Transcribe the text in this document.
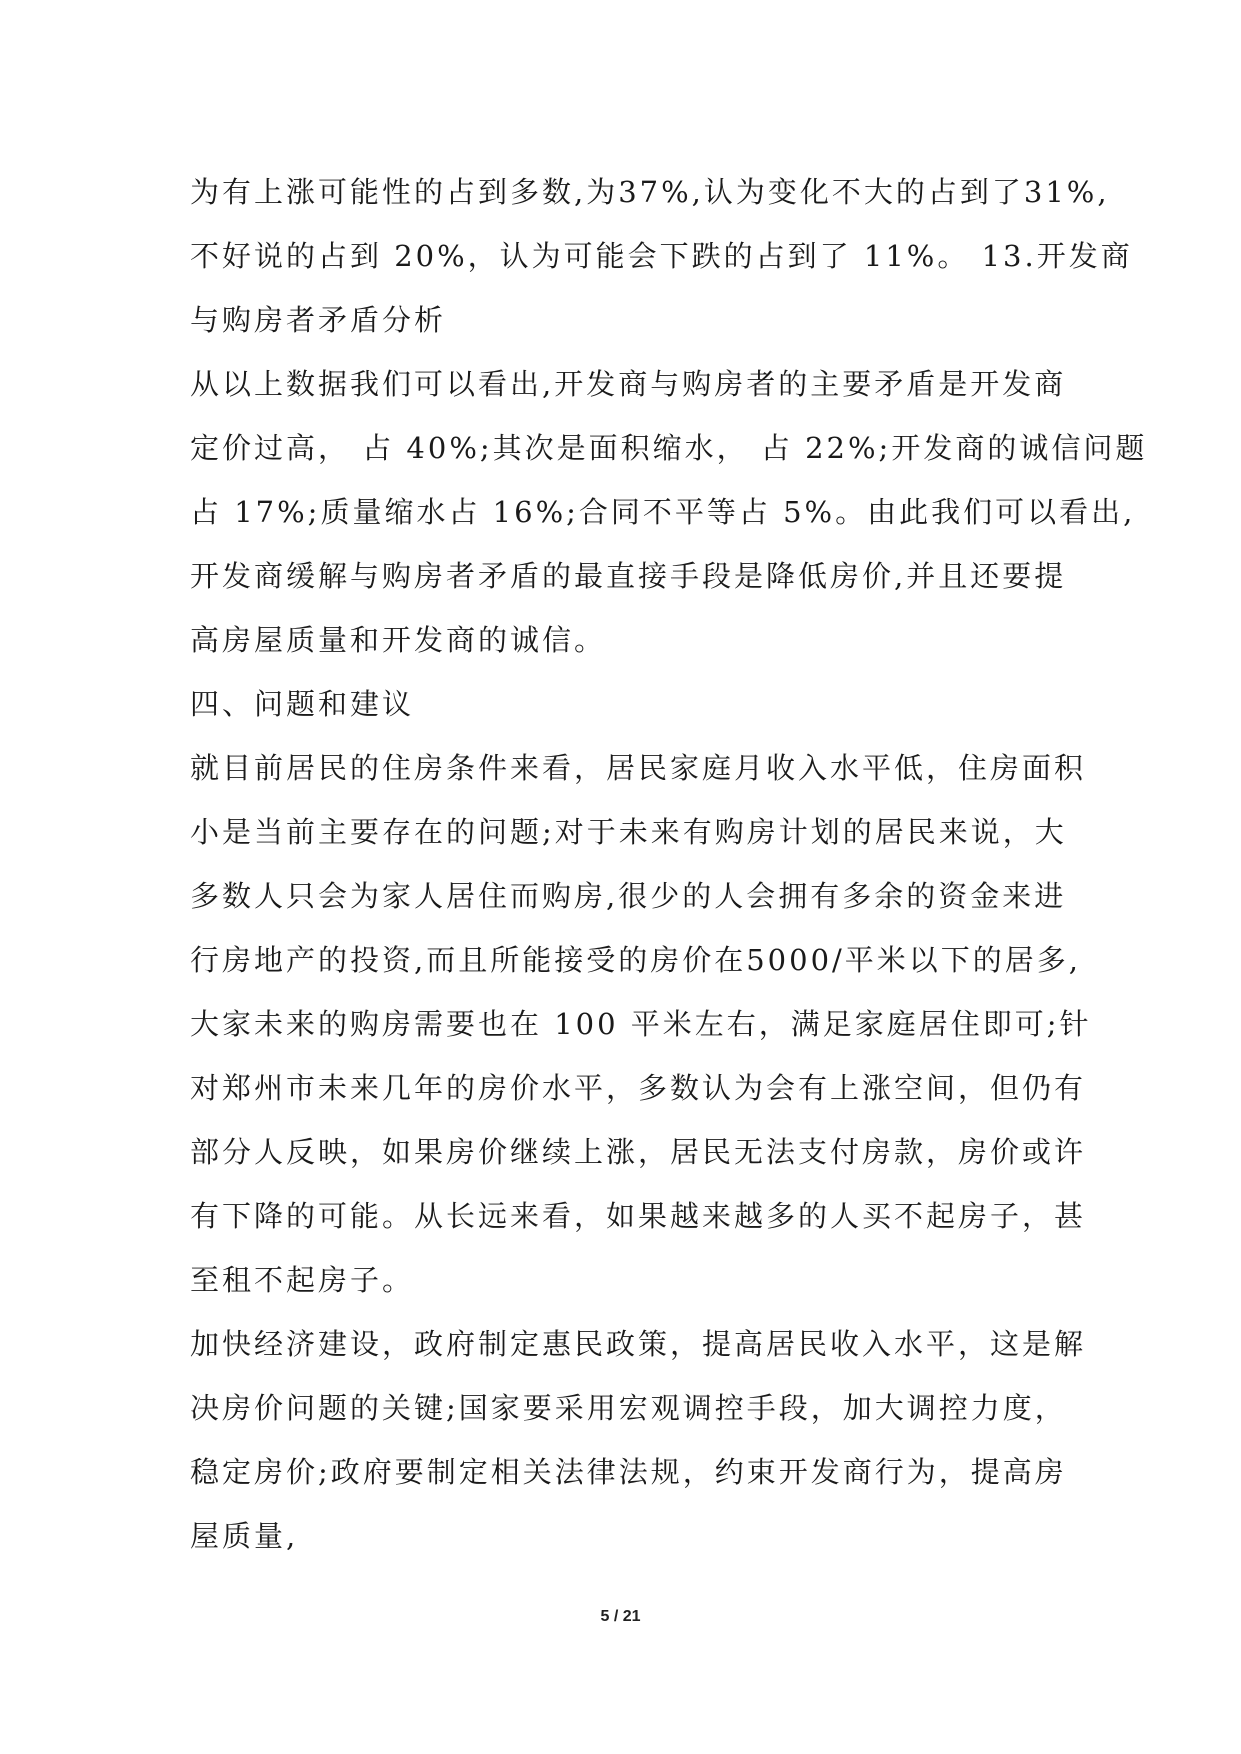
为有上涨可能性的占到多数,为37%,认为变化不大的占到了31%,
不好说的占到 20%，认为可能会下跌的占到了 11%。 13.开发商
与购房者矛盾分析
从以上数据我们可以看出,开发商与购房者的主要矛盾是开发商
定价过高， 占 40%;其次是面积缩水， 占 22%;开发商的诚信问题
占 17%;质量缩水占 16%;合同不平等占 5%。由此我们可以看出,
开发商缓解与购房者矛盾的最直接手段是降低房价,并且还要提
高房屋质量和开发商的诚信。
四、问题和建议
就目前居民的住房条件来看，居民家庭月收入水平低，住房面积
小是当前主要存在的问题;对于未来有购房计划的居民来说，大
多数人只会为家人居住而购房,很少的人会拥有多余的资金来进
行房地产的投资,而且所能接受的房价在5000/平米以下的居多,
大家未来的购房需要也在 100 平米左右，满足家庭居住即可;针
对郑州市未来几年的房价水平，多数认为会有上涨空间，但仍有
部分人反映，如果房价继续上涨，居民无法支付房款，房价或许
有下降的可能。从长远来看，如果越来越多的人买不起房子，甚
至租不起房子。
加快经济建设，政府制定惠民政策，提高居民收入水平，这是解
决房价问题的关键;国家要采用宏观调控手段，加大调控力度，
稳定房价;政府要制定相关法律法规，约束开发商行为，提高房
屋质量,
5 / 21
